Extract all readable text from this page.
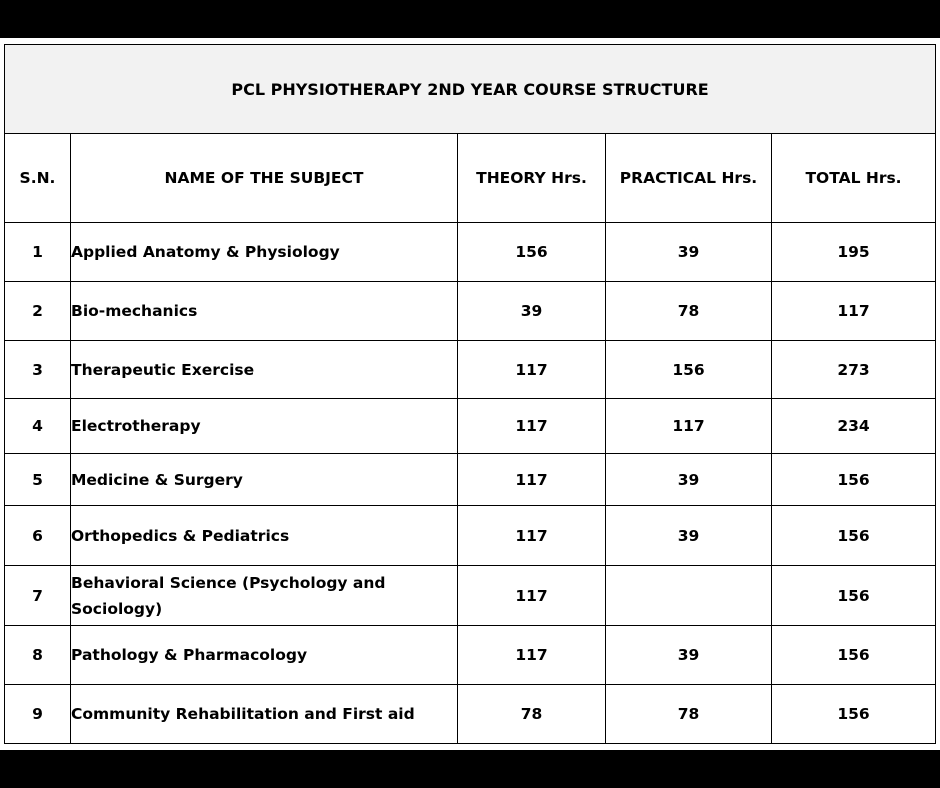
PCL PHYSIOTHERAPY 2ND YEAR COURSE STRUCTURE				
S.N.	NAME OF THE SUBJECT	THEORY Hrs.	PRACTICAL Hrs.	TOTAL Hrs.
1	Applied Anatomy & Physiology	156	39	195
2	Bio-mechanics	39	78	117
3	Therapeutic Exercise	117	156	273
4	Electrotherapy	117	117	234
5	Medicine & Surgery	117	39	156
6	Orthopedics & Pediatrics	117	39	156
7	Behavioral Science (Psychology and Sociology)	117		156
8	Pathology & Pharmacology	117	39	156
9	Community Rehabilitation and First aid	78	78	156
